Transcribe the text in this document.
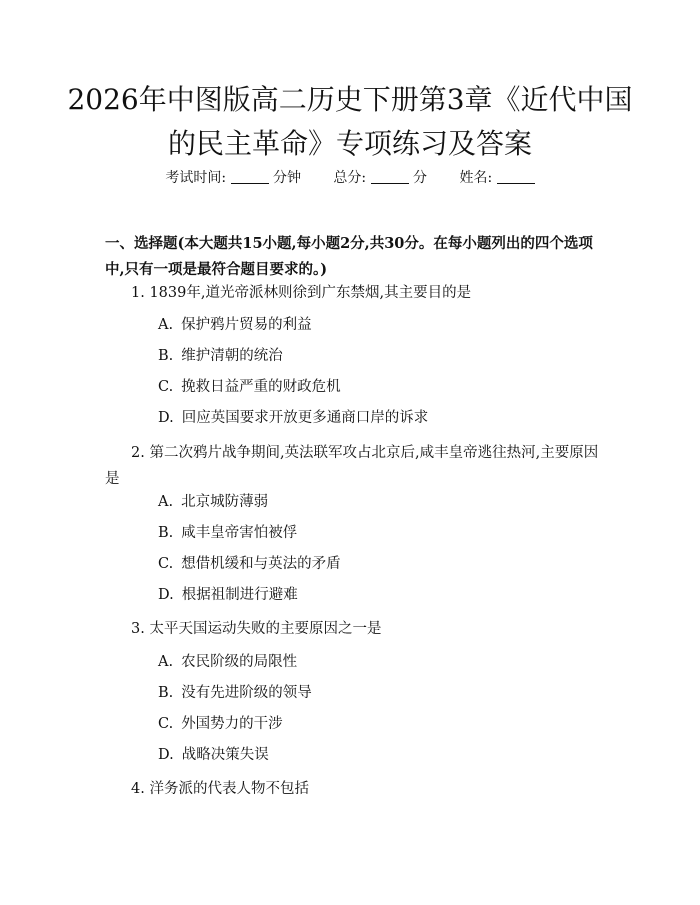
2026年中图版高二历史下册第3章《近代中国的民主革命》专项练习及答案
考试时间:	分钟 总分:	分 姓名:

一、选择题(本大题共15小题,每小题2分,共30分。在每小题列出的四个选项中,只有一项是最符合题目要求的。)

1. 1839年,道光帝派林则徐到广东禁烟,其主要目的是

A. 保护鸦片贸易的利益

B. 维护清朝的统治

C. 挽救日益严重的财政危机

D. 回应英国要求开放更多通商口岸的诉求

2. 第二次鸦片战争期间,英法联军攻占北京后,咸丰皇帝逃往热河,主要原因是

A. 北京城防薄弱

B. 咸丰皇帝害怕被俘

C. 想借机缓和与英法的矛盾

D. 根据祖制进行避难

3. 太平天国运动失败的主要原因之一是

A. 农民阶级的局限性

B. 没有先进阶级的领导

C. 外国势力的干涉

D. 战略决策失误

4. 洋务派的代表人物不包括
